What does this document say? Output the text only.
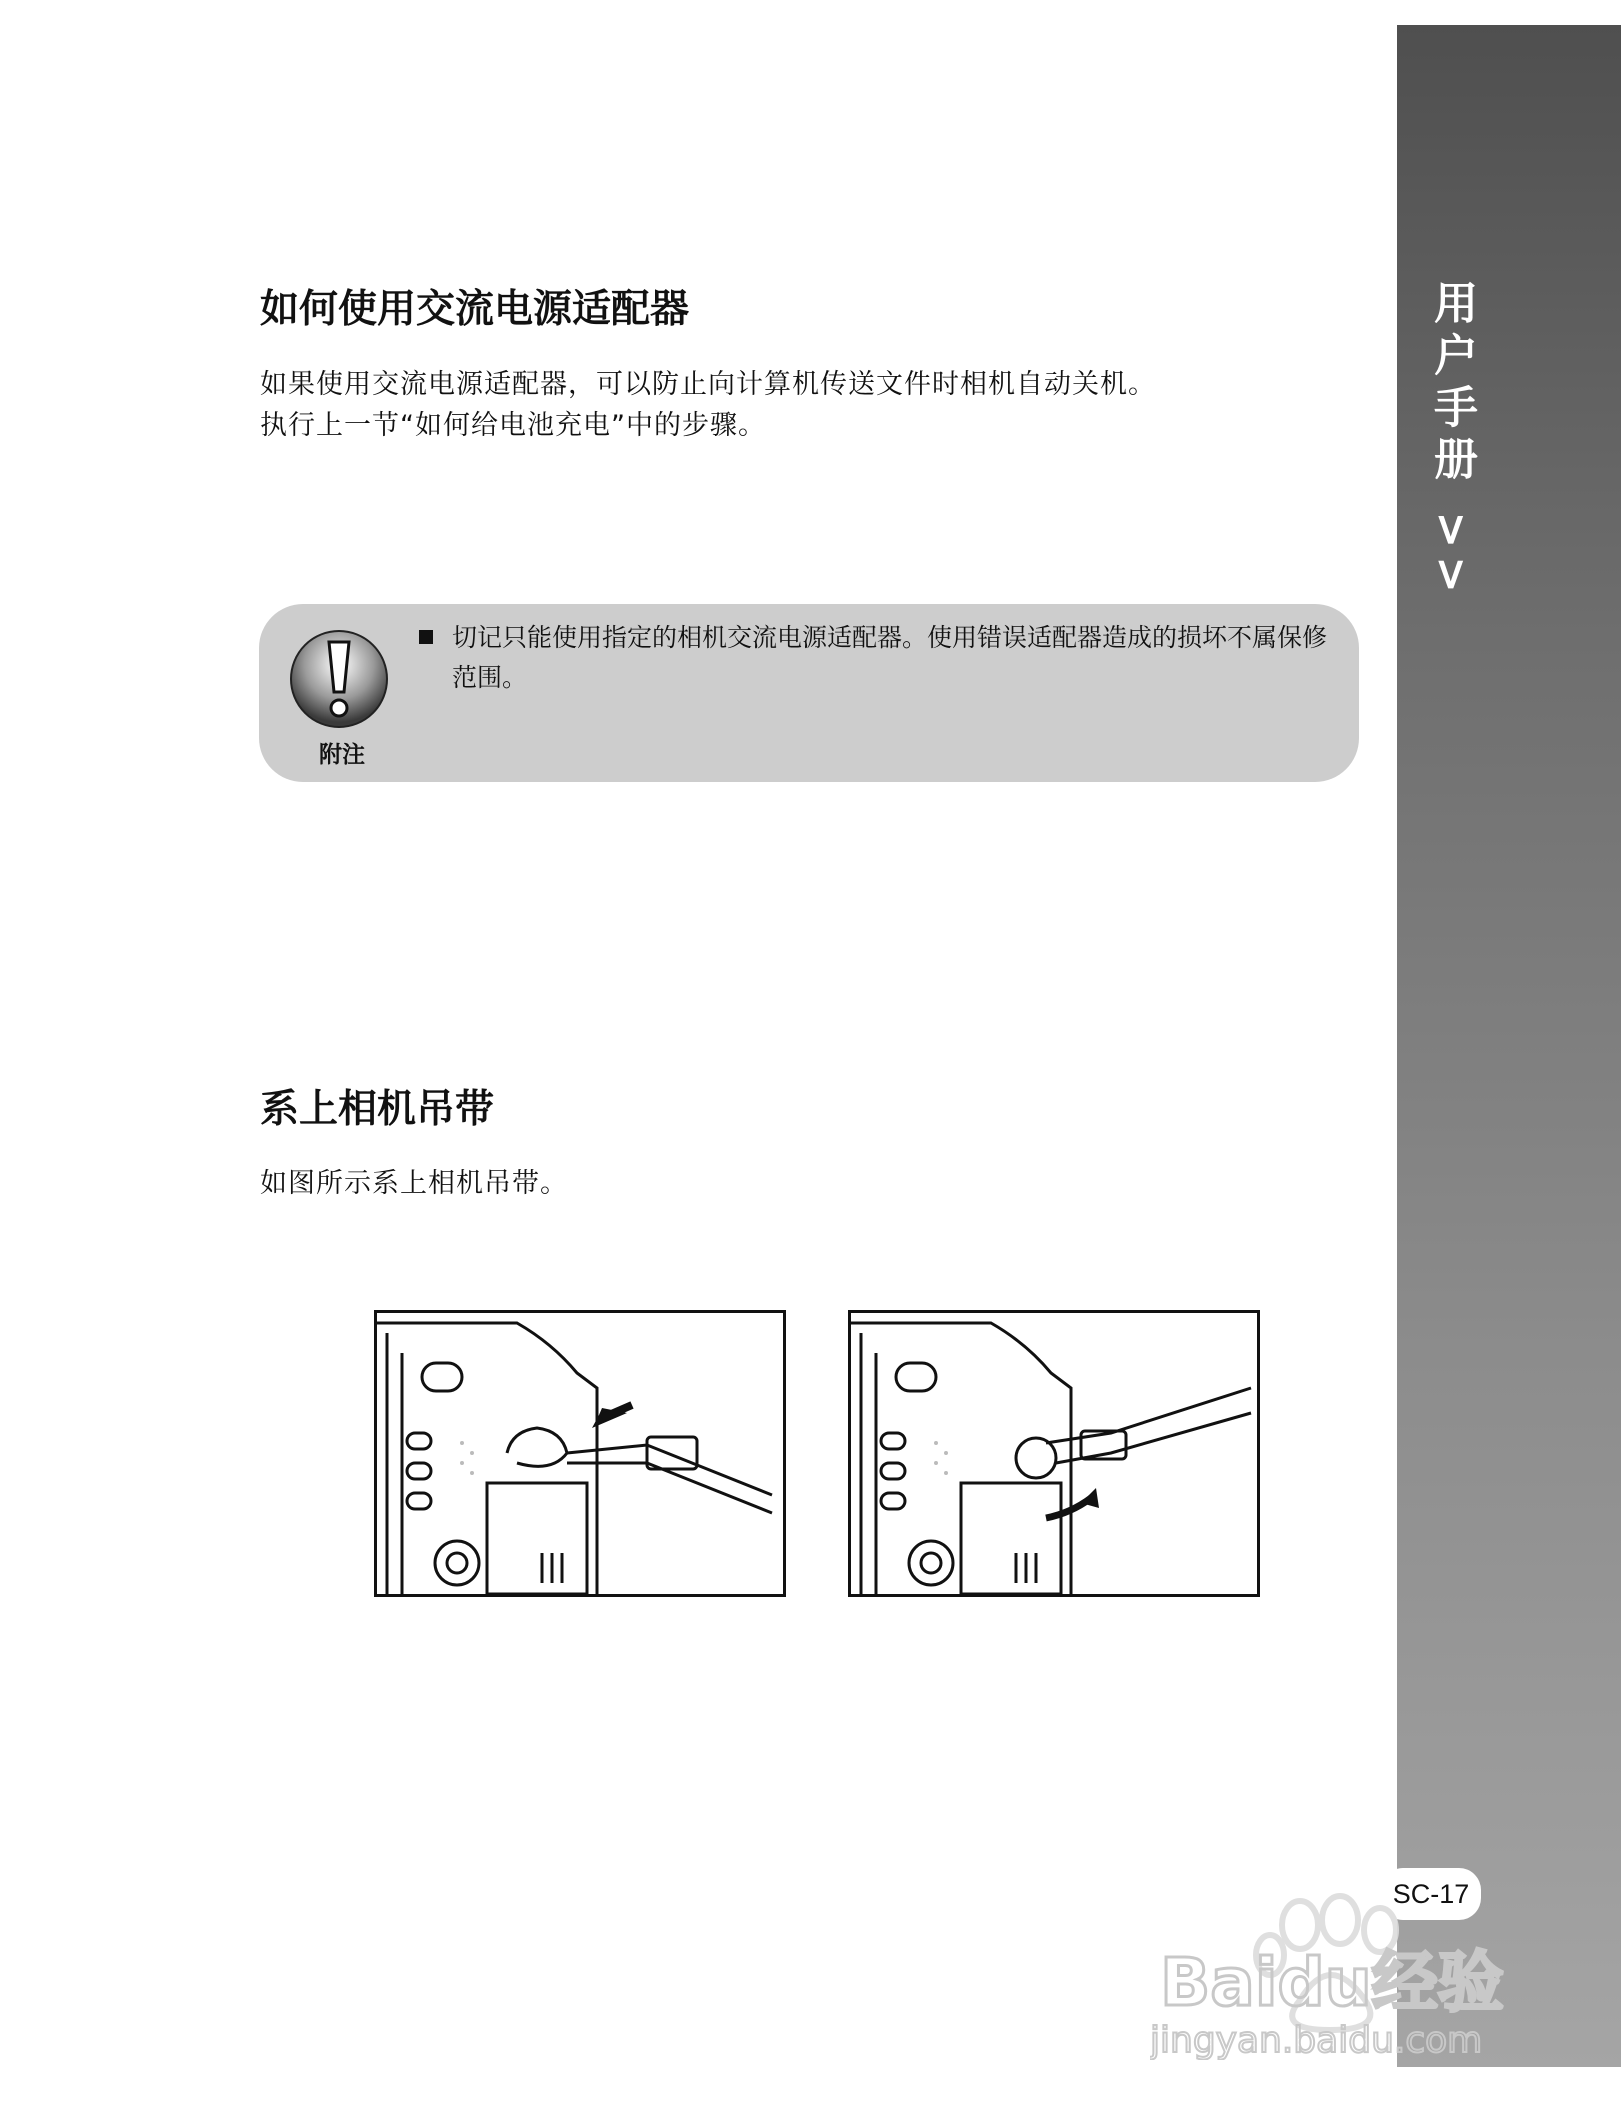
用户手册 >>
如何使用交流电源适配器

如果使用交流电源适配器，可以防止向计算机传送文件时相机自动关机。

执行上一节“如何给电池充电”中的步骤。

附注

切记只能使用指定的相机交流电源适配器。使用错误适配器造成的损坏不属保修范围。

系上相机吊带

如图所示系上相机吊带。

SC-17
Baidu经验
jingyan.baidu.com
